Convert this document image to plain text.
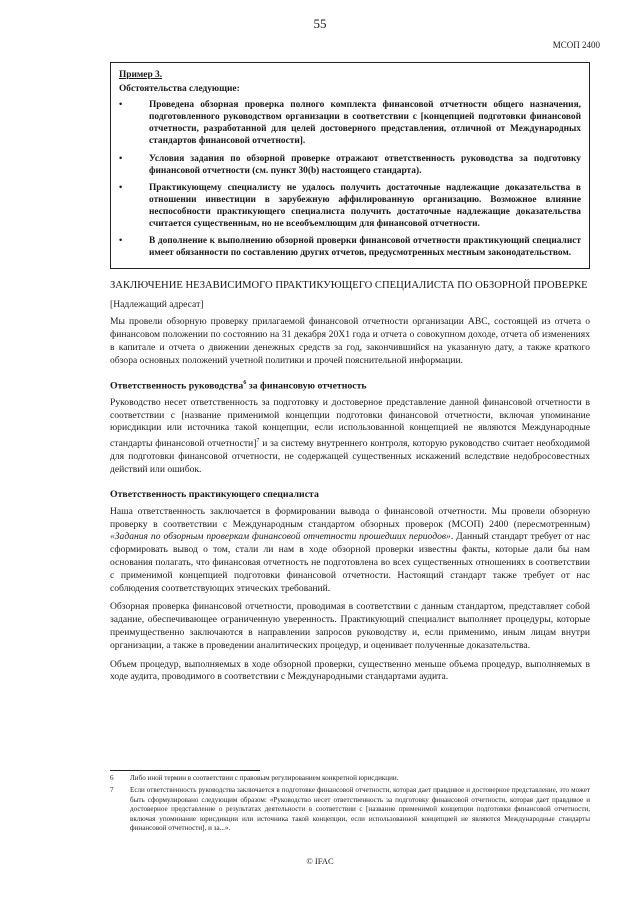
55
МСОП 2400
Пример 3.
Обстоятельства следующие:
•	Проведена обзорная проверка полного комплекта финансовой отчетности общего назначения, подготовленного руководством организации в соответствии с [концепцией подготовки финансовой отчетности, разработанной для целей достоверного представления, отличной от Международных стандартов финансовой отчетности].
•	Условия задания по обзорной проверке отражают ответственность руководства за подготовку финансовой отчетности (см. пункт 30(b) настоящего стандарта).
•	Практикующему специалисту не удалось получить достаточные надлежащие доказательства в отношении инвестиции в зарубежную аффилированную организацию. Возможное влияние неспособности практикующего специалиста получить достаточные надлежащие доказательства считается существенным, но не всеобъемлющим для финансовой отчетности.
•	В дополнение к выполнению обзорной проверки финансовой отчетности практикующий специалист имеет обязанности по составлению других отчетов, предусмотренных местным законодательством.
ЗАКЛЮЧЕНИЕ НЕЗАВИСИМОГО ПРАКТИКУЮЩЕГО СПЕЦИАЛИСТА ПО ОБЗОРНОЙ ПРОВЕРКЕ
[Надлежащий адресат]

Мы провели обзорную проверку прилагаемой финансовой отчетности организации ABC, состоящей из отчета о финансовом положении по состоянию на 31 декабря 20X1 года и отчета о совокупном доходе, отчета об изменениях в капитале и отчета о движении денежных средств за год, закончившийся на указанную дату, а также краткого обзора основных положений учетной политики и прочей пояснительной информации.

Ответственность руководства$^6$ за финансовую отчетность

Руководство несет ответственность за подготовку и достоверное представление данной финансовой отчетности в соответствии с [название применимой концепции подготовки финансовой отчетности, включая упоминание юрисдикции или источника такой концепции, если использованной концепцией не являются Международные стандарты финансовой отчетности]$^7$ и за систему внутреннего контроля, которую руководство считает необходимой для подготовки финансовой отчетности, не содержащей существенных искажений вследствие недобросовестных действий или ошибок.

Ответственность практикующего специалиста

Наша ответственность заключается в формировании вывода о финансовой отчетности. Мы провели обзорную проверку в соответствии с Международным стандартом обзорных проверок (МСОП) 2400 (пересмотренным) «Задания по обзорным проверкам финансовой отчетности прошедших периодов». Данный стандарт требует от нас сформировать вывод о том, стали ли нам в ходе обзорной проверки известны факты, которые дали бы нам основания полагать, что финансовая отчетность не подготовлена во всех существенных отношениях в соответствии с применимой концепцией подготовки финансовой отчетности. Настоящий стандарт также требует от нас соблюдения соответствующих этических требований.

Обзорная проверка финансовой отчетности, проводимая в соответствии с данным стандартом, представляет собой задание, обеспечивающее ограниченную уверенность. Практикующий специалист выполняет процедуры, которые преимущественно заключаются в направлении запросов руководству и, если применимо, иным лицам внутри организации, а также в проведении аналитических процедур, и оценивает полученные доказательства.

Объем процедур, выполняемых в ходе обзорной проверки, существенно меньше объема процедур, выполняемых в ходе аудита, проводимого в соответствии с Международными стандартами аудита.

6 Либо иной термин в соответствии с правовым регулированием конкретной юрисдикции.
7 Если ответственность руководства заключается в подготовке финансовой отчетности, которая дает правдивое и достоверное представление, это может быть сформулировано следующим образом: «Руководство несет ответственность за подготовку финансовой отчетности, которая дает правдивое и достоверное представление о результатах деятельности в соответствии с [название применимой концепции подготовки финансовой отчетности, включая упоминание юрисдикции или источника такой концепции, если использованной концепцией не являются Международные стандарты финансовой отчетности], и за...».
© IFAC
